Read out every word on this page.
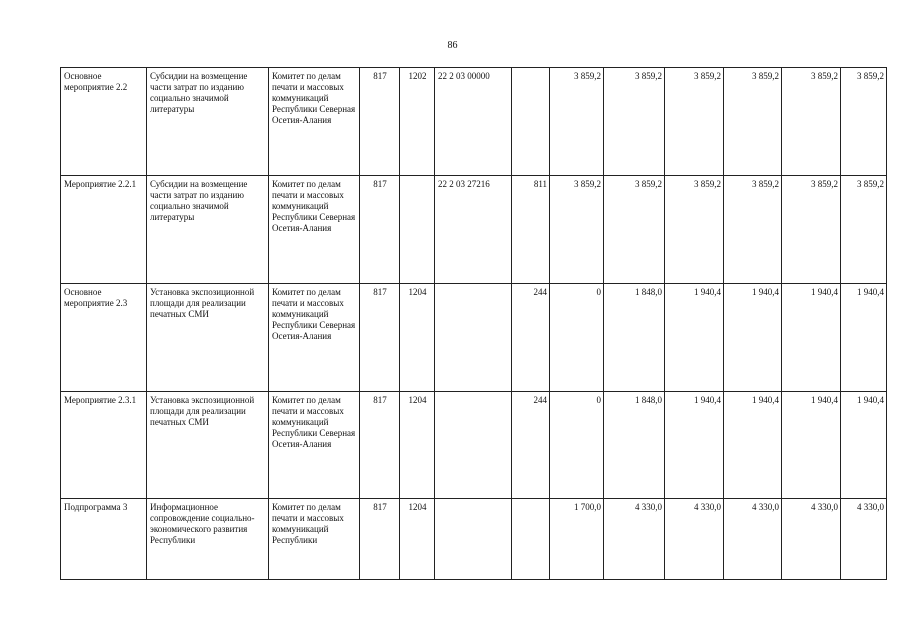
86
Основное мероприятие 2.2	Субсидии на возмещение части затрат по изданию социально значимой литературы	Комитет по делам печати и массовых коммуникаций Республики Северная Осетия-Алания	817	1202	22 2 03 00000		3 859,2	3 859,2	3 859,2	3 859,2	3 859,2	3 859,2
Мероприятие 2.2.1	Субсидии на возмещение части затрат по изданию социально значимой литературы	Комитет по делам печати и массовых коммуникаций Республики Северная Осетия-Алания	817		22 2 03 27216	811	3 859,2	3 859,2	3 859,2	3 859,2	3 859,2	3 859,2
Основное мероприятие 2.3	Установка экспозиционной площади для реализации печатных СМИ	Комитет по делам печати и массовых коммуникаций Республики Северная Осетия-Алания	817	1204		244	0	1 848,0	1 940,4	1 940,4	1 940,4	1 940,4
Мероприятие 2.3.1	Установка экспозиционной площади для реализации печатных СМИ	Комитет по делам печати и массовых коммуникаций Республики Северная Осетия-Алания	817	1204		244	0	1 848,0	1 940,4	1 940,4	1 940,4	1 940,4
Подпрограмма 3	Информационное сопровождение социально-экономического развития Республики	Комитет по делам печати и массовых коммуникаций Республики	817	1204			1 700,0	4 330,0	4 330,0	4 330,0	4 330,0	4 330,0
